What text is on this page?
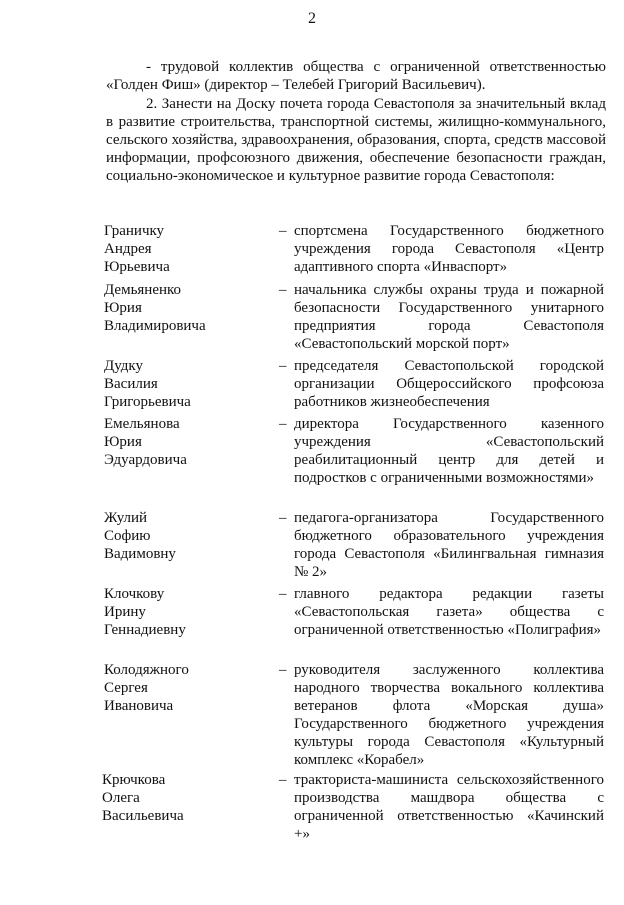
2

- трудовой коллектив общества с ограниченной ответственностью «Голден Фиш» (директор – Телебей Григорий Васильевич).

2. Занести на Доску почета города Севастополя за значительный вклад в развитие строительства, транспортной системы, жилищно-коммунального, сельского хозяйства, здравоохранения, образования, спорта, средств массовой информации, профсоюзного движения, обеспечение безопасности граждан, социально-экономическое и культурное развитие города Севастополя:

Граничку
Андрея
Юрьевича
– спортсмена Государственного бюджетного учреждения города Севастополя «Центр адаптивного спорта «Инваспорт»
Демьяненко
Юрия
Владимировича
– начальника службы охраны труда и пожарной безопасности Государственного унитарного предприятия города Севастополя «Севастопольский морской порт»
Дудку
Василия
Григорьевича
– председателя Севастопольской городской организации Общероссийского профсоюза работников жизнеобеспечения
Емельянова
Юрия
Эдуардовича
– директора Государственного казенного учреждения «Севастопольский реабилитационный центр для детей и подростков с ограниченными возможностями»
Жулий
Софию
Вадимовну
– педагога-организатора Государственного бюджетного образовательного учреждения города Севастополя «Билингвальная гимназия № 2»
Клочкову
Ирину
Геннадиевну
– главного редактора редакции газеты «Севастопольская газета» общества с ограниченной ответственностью «Полиграфия»
Колодяжного
Сергея
Ивановича
– руководителя заслуженного коллектива народного творчества вокального коллектива ветеранов флота «Морская душа» Государственного бюджетного учреждения культуры города Севастополя «Культурный комплекс «Корабел»
Крючкова
Олега
Васильевича
– тракториста-машиниста сельскохозяйственного производства машдвора общества с ограниченной ответственностью «Качинский +»
